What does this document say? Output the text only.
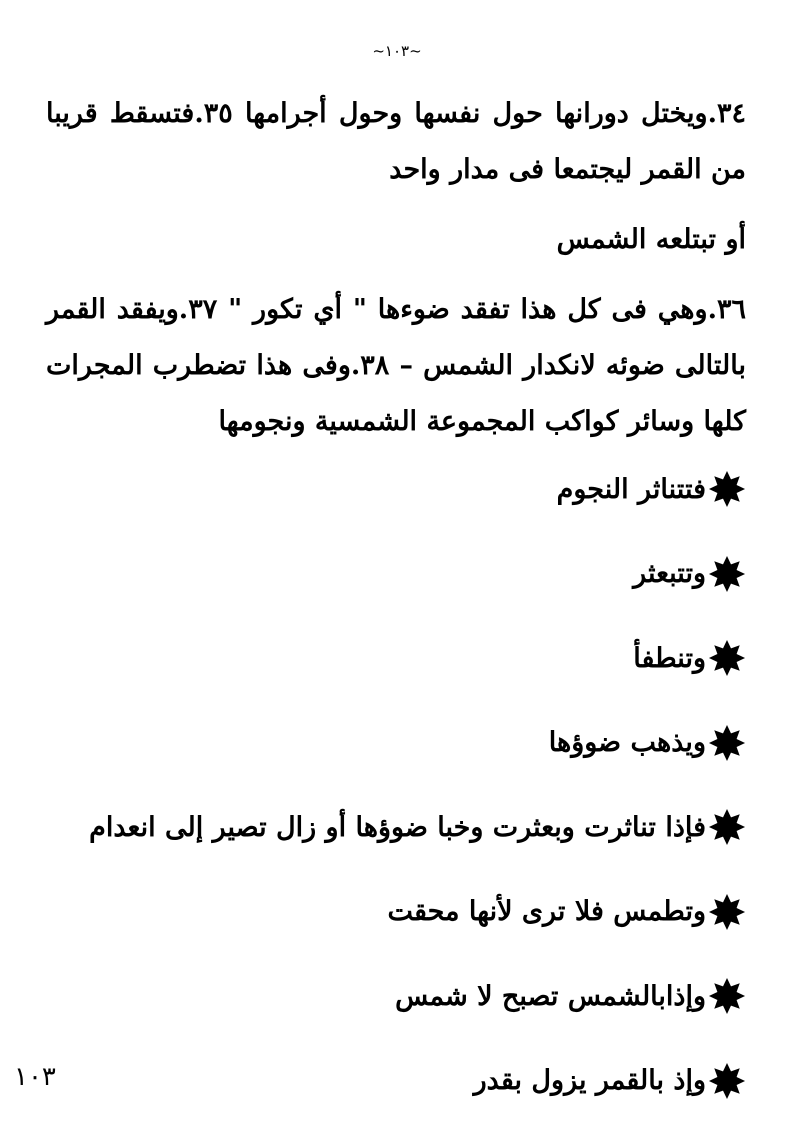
~١٠٣~

٣٤.ويختل دورانها حول نفسها وحول أجرامها ٣٥.فتسقط قريبا من القمر ليجتمعا فى مدار واحد

أو تبتلعه الشمس

٣٦.وهي فى كل هذا تفقد ضوءها " أي تكور " ٣٧.ويفقد القمر بالتالى ضوئه لانكدار الشمس – ٣٨.وفى هذا تضطرب المجرات كلها وسائر كواكب المجموعة الشمسية ونجومها

فتتناثر النجوم
وتتبعثر
وتنطفأ
ويذهب ضوؤها
فإذا تناثرت وبعثرت وخبا ضوؤها أو زال تصير إلى انعدام
وتطمس فلا ترى لأنها محقت
وإذابالشمس تصبح لا شمس
وإذ بالقمر يزول بقدر
١٠٣
